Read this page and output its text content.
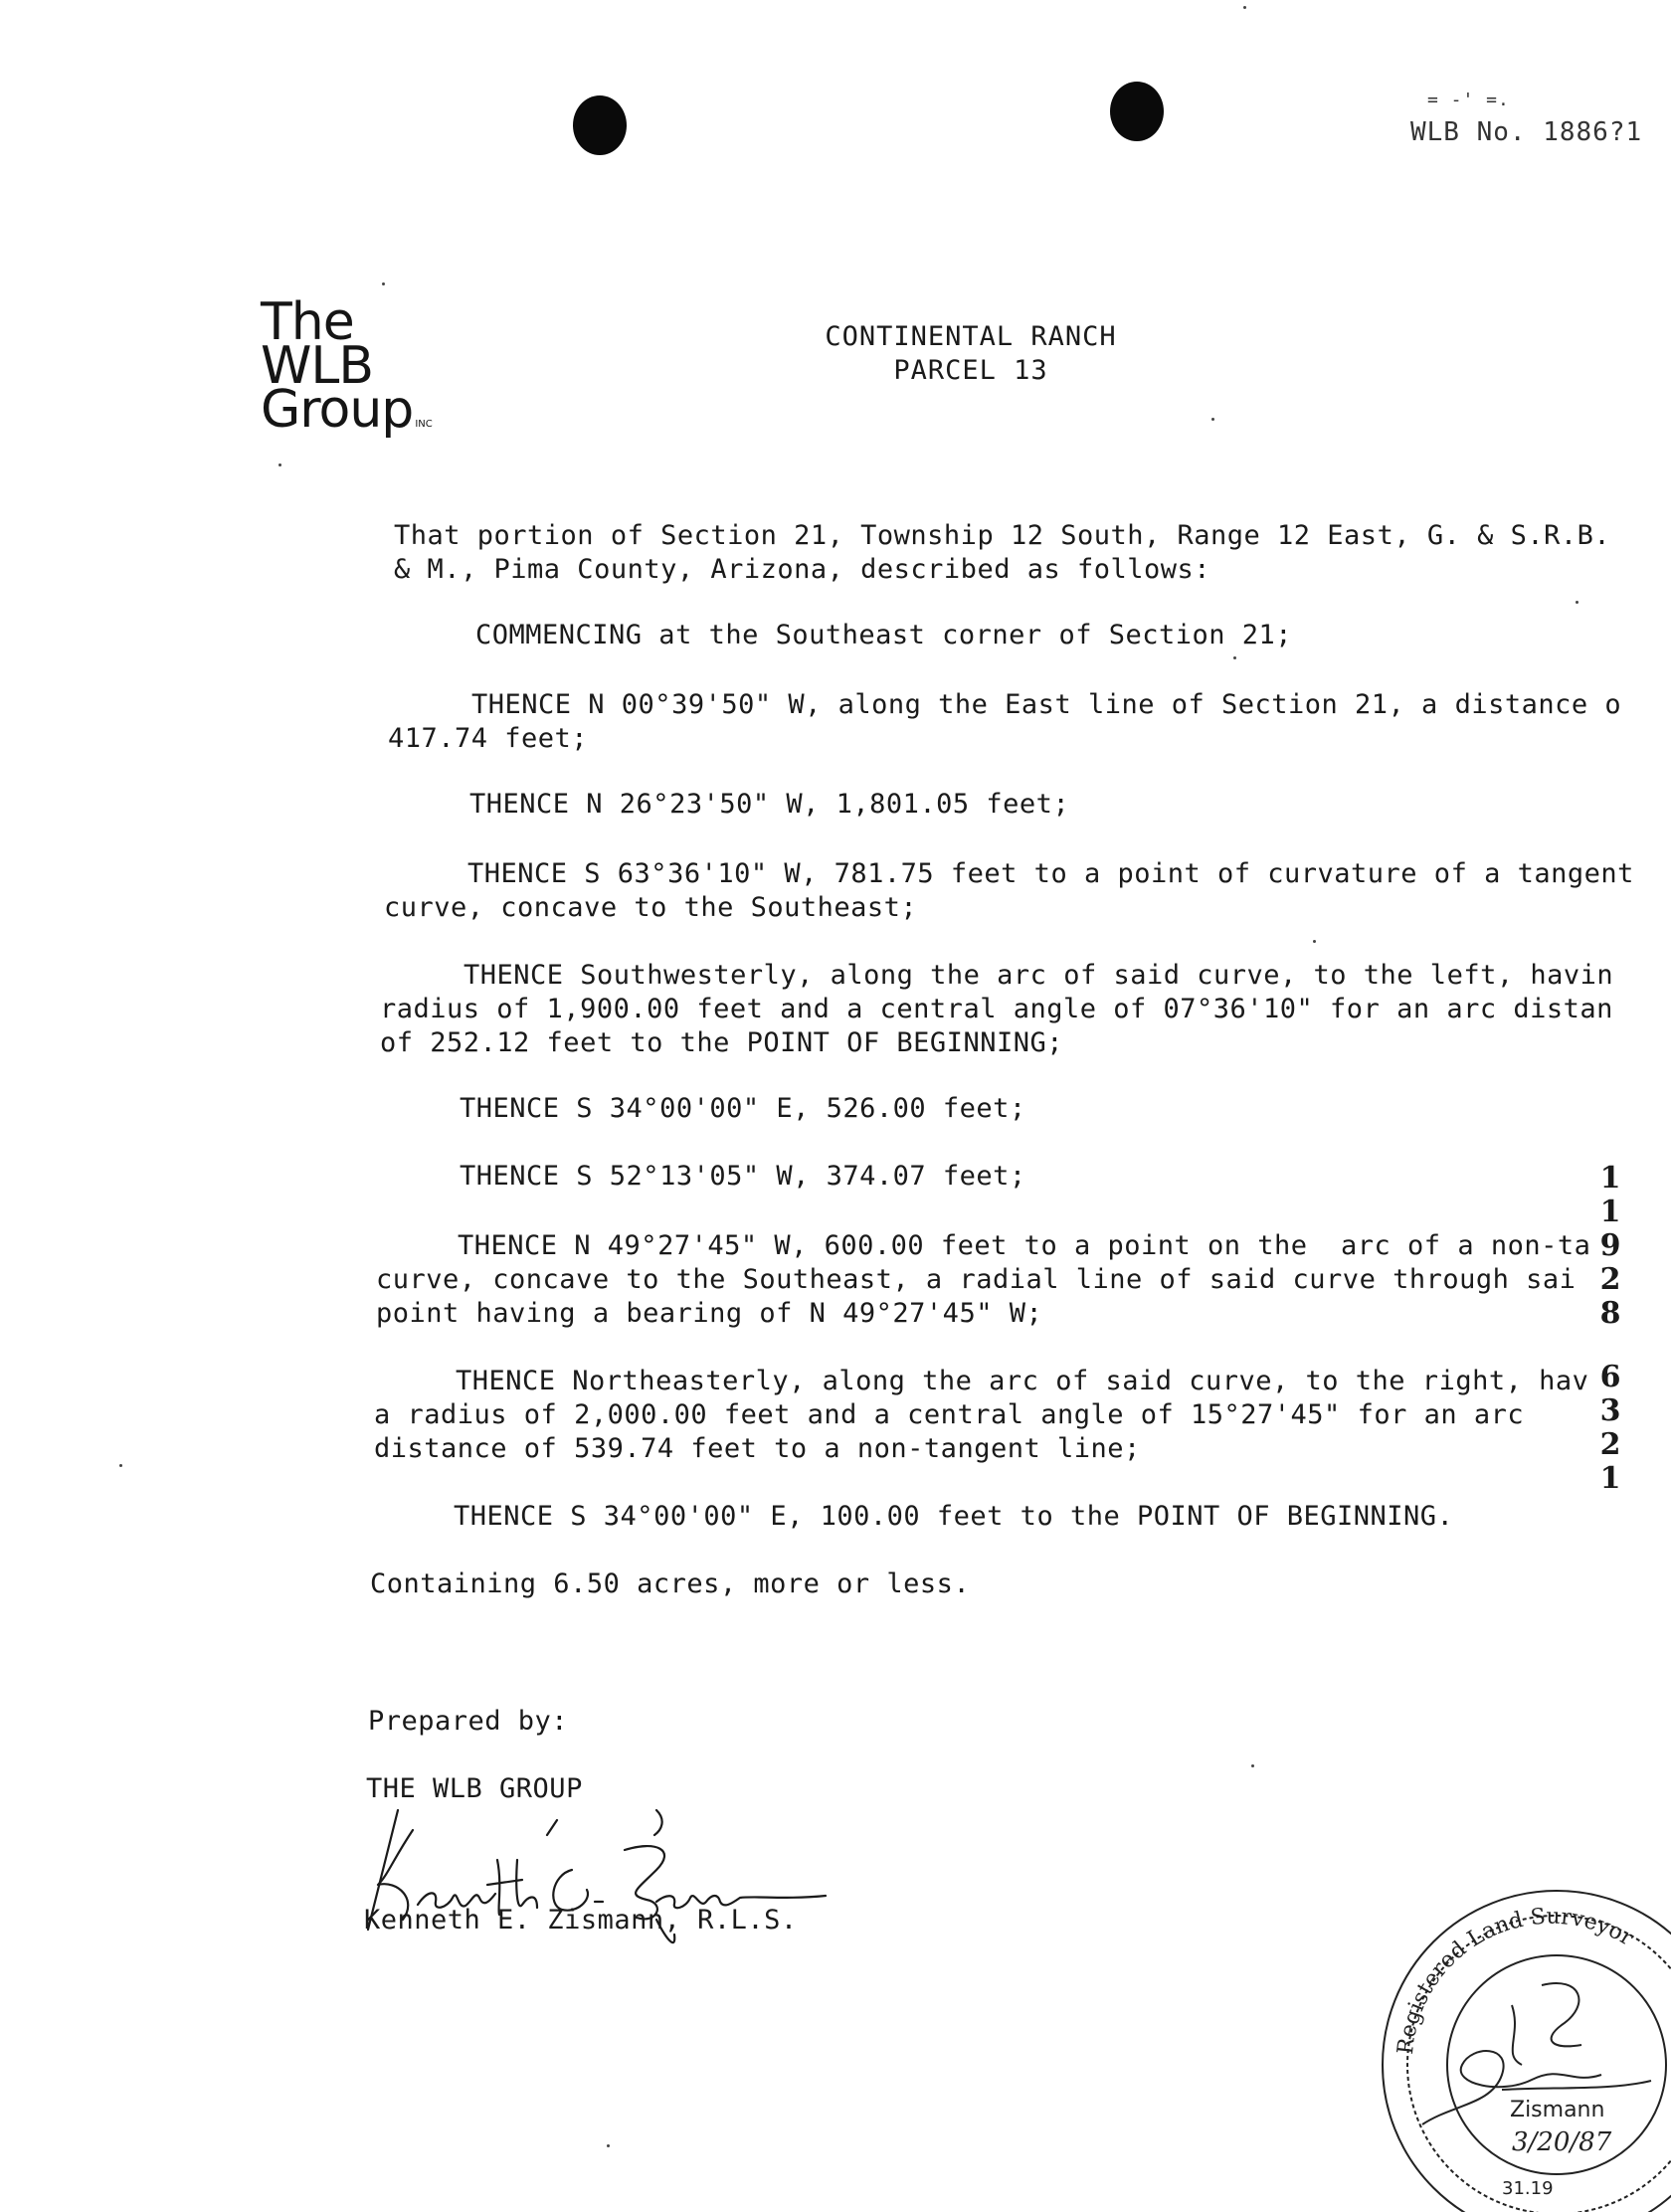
= -' =.
WLB No. 1886?1
The
WLB
Group INC
CONTINENTAL RANCH
PARCEL 13
That portion of Section 21, Township 12 South, Range 12 East, G. & S.R.B.
& M., Pima County, Arizona, described as follows:
COMMENCING at the Southeast corner of Section 21;
THENCE N 00°39'50" W, along the East line of Section 21, a distance o
417.74 feet;
THENCE N 26°23'50" W, 1,801.05 feet;
THENCE S 63°36'10" W, 781.75 feet to a point of curvature of a tangent
curve, concave to the Southeast;
THENCE Southwesterly, along the arc of said curve, to the left, havin
radius of 1,900.00 feet and a central angle of 07°36'10" for an arc distan
of 252.12 feet to the POINT OF BEGINNING;
THENCE S 34°00'00" E, 526.00 feet;
THENCE S 52°13'05" W, 374.07 feet;
THENCE N 49°27'45" W, 600.00 feet to a point on the  arc of a non-ta
curve, concave to the Southeast, a radial line of said curve through sai
point having a bearing of N 49°27'45" W;
THENCE Northeasterly, along the arc of said curve, to the right, hav
a radius of 2,000.00 feet and a central angle of 15°27'45" for an arc
distance of 539.74 feet to a non-tangent line;
THENCE S 34°00'00" E, 100.00 feet to the POINT OF BEGINNING.
Containing 6.50 acres, more or less.
1
1
9
2
8
6
3
2
1
Prepared by:
THE WLB GROUP
Kenneth E. Zismann, R.L.S.
Registered Land Surveyor
Zismann
3/20/87
31.19
